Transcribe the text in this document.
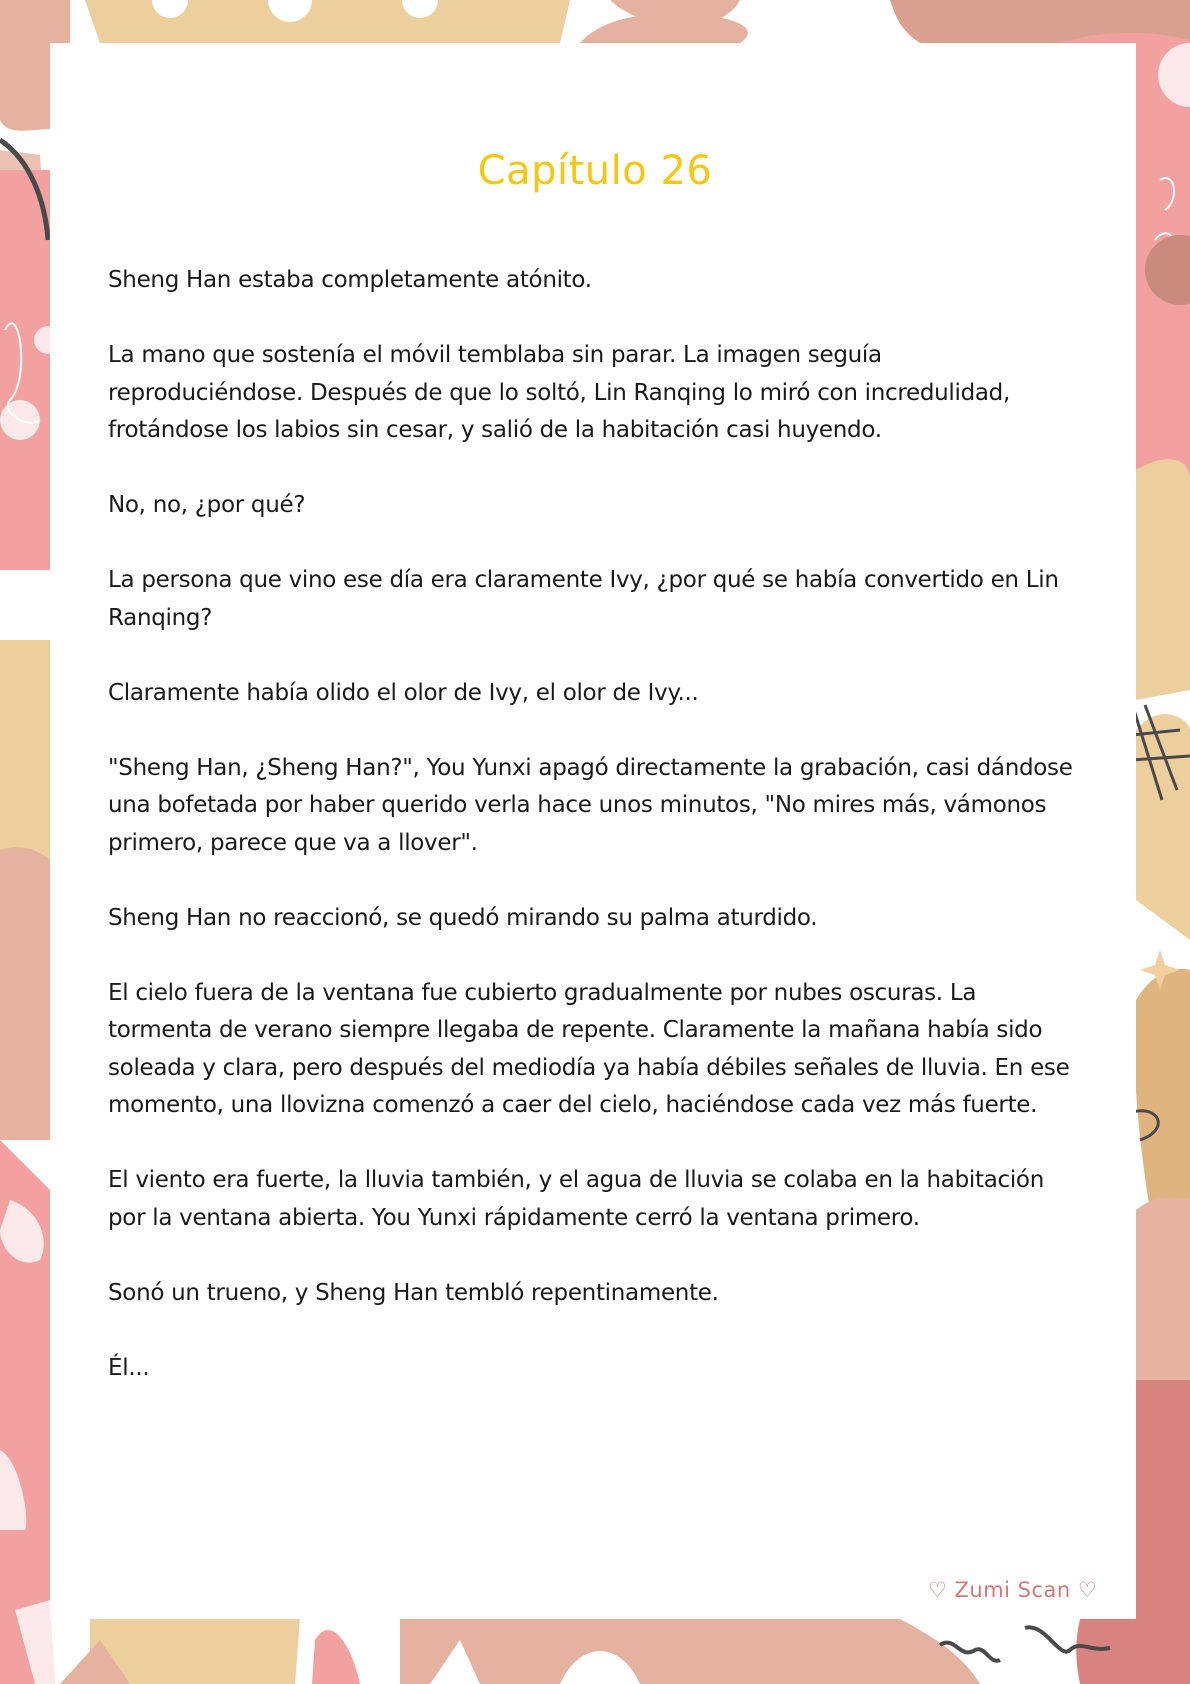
Capítulo 26

Sheng Han estaba completamente atónito.

La mano que sostenía el móvil temblaba sin parar. La imagen seguía reproduciéndose. Después de que lo soltó, Lin Ranqing lo miró con incredulidad, frotándose los labios sin cesar, y salió de la habitación casi huyendo.

No, no, ¿por qué?

La persona que vino ese día era claramente Ivy, ¿por qué se había convertido en Lin Ranqing?

Claramente había olido el olor de Ivy, el olor de Ivy...

"Sheng Han, ¿Sheng Han?", You Yunxi apagó directamente la grabación, casi dándose una bofetada por haber querido verla hace unos minutos, "No mires más, vámonos primero, parece que va a llover".

Sheng Han no reaccionó, se quedó mirando su palma aturdido.

El cielo fuera de la ventana fue cubierto gradualmente por nubes oscuras. La tormenta de verano siempre llegaba de repente. Claramente la mañana había sido soleada y clara, pero después del mediodía ya había débiles señales de lluvia. En ese momento, una llovizna comenzó a caer del cielo, haciéndose cada vez más fuerte.

El viento era fuerte, la lluvia también, y el agua de lluvia se colaba en la habitación por la ventana abierta. You Yunxi rápidamente cerró la ventana primero.

Sonó un trueno, y Sheng Han tembló repentinamente.

Él...

♡ Zumi Scan ♡
